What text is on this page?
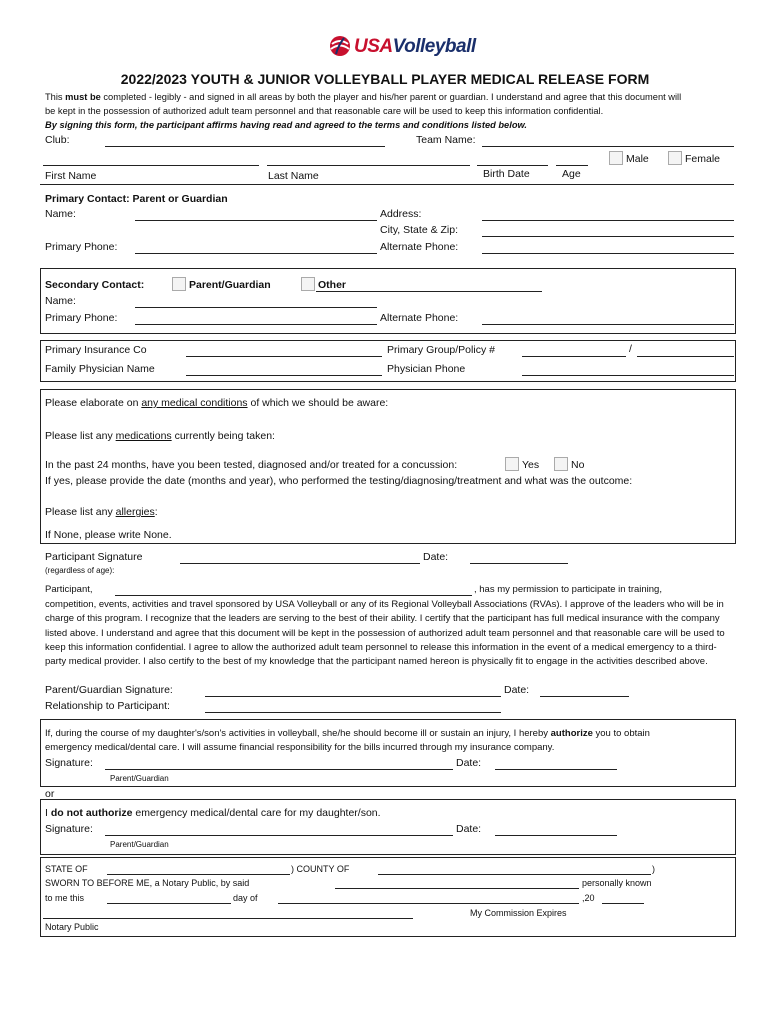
USAVolleyball
2022/2023 YOUTH & JUNIOR VOLLEYBALL PLAYER MEDICAL RELEASE FORM
This must be completed - legibly - and signed in all areas by both the player and his/her parent or guardian. I understand and agree that this document will
be kept in the possession of authorized adult team personnel and that reasonable care will be used to keep this information confidential.
By signing this form, the participant affirms having read and agreed to the terms and conditions listed below.
Club:	Team Name:
Male	Female
First Name	Last Name	Birth Date	Age
Primary Contact: Parent or Guardian
Name:	Address:
City, State & Zip:
Primary Phone:	Alternate Phone:
Secondary Contact:	Parent/Guardian	Other
Name:
Primary Phone:	Alternate Phone:
Primary Insurance Co	Primary Group/Policy #	/
Family Physician Name	Physician Phone
Please elaborate on any medical conditions of which we should be aware:
Please list any medications currently being taken:
In the past 24 months, have you been tested, diagnosed and/or treated for a concussion:	Yes	No
If yes, please provide the date (months and year), who performed the testing/diagnosing/treatment and what was the outcome:
Please list any allergies:
If None, please write None.
Participant Signature
(regardless of age):
Date:
Participant,	, has my permission to participate in training,
competition, events, activities and travel sponsored by USA Volleyball or any of its Regional Volleyball Associations (RVAs). I approve of the leaders who will be in charge of this program. I recognize that the leaders are serving to the best of their ability. I certify that the participant has full medical insurance with the company listed above. I understand and agree that this document will be kept in the possession of authorized adult team personnel and that reasonable care will be used to keep this information confidential. I agree to allow the authorized adult team personnel to release this information in the event of a medical emergency to a third-party medical provider. I also certify to the best of my knowledge that the participant named hereon is physically fit to engage in the activities described above.
Parent/Guardian Signature:	Date:
Relationship to Participant:
If, during the course of my daughter's/son's activities in volleyball, she/he should become ill or sustain an injury, I hereby authorize you to obtain
emergency medical/dental care. I will assume financial responsibility for the bills incurred through my insurance company.
Signature:	Date:
Parent/Guardian
or
I do not authorize emergency medical/dental care for my daughter/son.
Signature:	Date:
Parent/Guardian
STATE OF	) COUNTY OF	)
SWORN TO BEFORE ME, a Notary Public, by said	personally known
to me this	day of	,20
My Commission Expires
Notary Public
